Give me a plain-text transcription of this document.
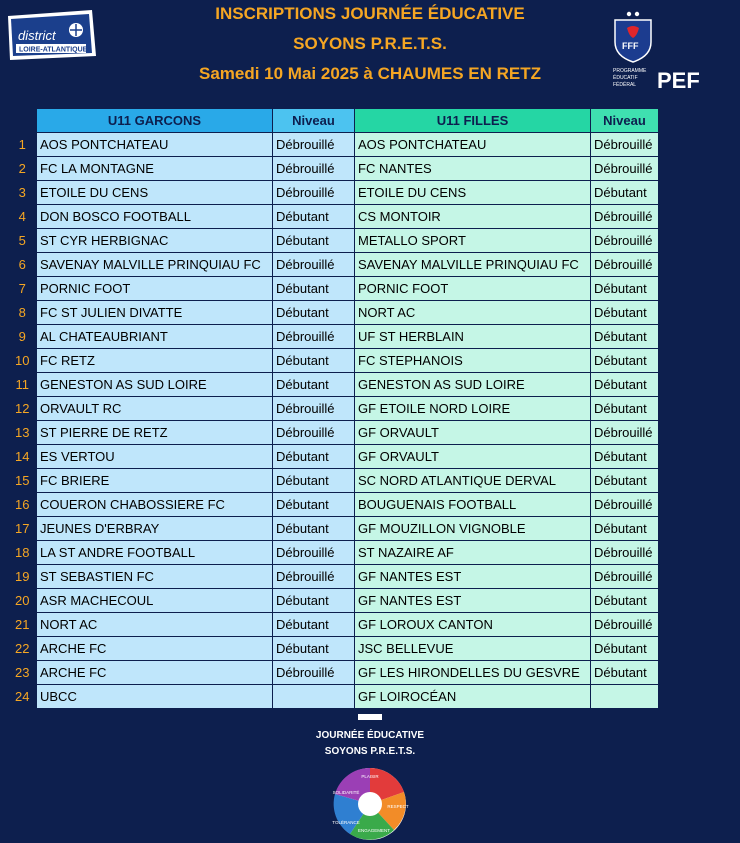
INSCRIPTIONS JOURNÉE ÉDUCATIVE
SOYONS P.R.E.T.S.
Samedi 10 Mai 2025 à CHAUMES EN RETZ
district
LOIRE-ATLANTIQUE	FFF
PROGRAMME
ÉDUCATIF
FÉDÉRAL PEF
	U11 GARCONS	Niveau	U11 FILLES	Niveau
1	AOS PONTCHATEAU	Débrouillé	AOS PONTCHATEAU	Débrouillé
2	FC LA MONTAGNE	Débrouillé	FC NANTES	Débrouillé
3	ETOILE DU CENS	Débrouillé	ETOILE DU CENS	Débutant
4	DON BOSCO FOOTBALL	Débutant	CS MONTOIR	Débrouillé
5	ST CYR HERBIGNAC	Débutant	METALLO SPORT	Débrouillé
6	SAVENAY MALVILLE PRINQUIAU FC	Débrouillé	SAVENAY MALVILLE PRINQUIAU FC	Débrouillé
7	PORNIC FOOT	Débutant	PORNIC FOOT	Débutant
8	FC ST JULIEN DIVATTE	Débutant	NORT AC	Débutant
9	AL CHATEAUBRIANT	Débrouillé	UF ST HERBLAIN	Débutant
10	FC RETZ	Débutant	FC STEPHANOIS	Débutant
11	GENESTON AS SUD LOIRE	Débutant	GENESTON AS SUD LOIRE	Débutant
12	ORVAULT RC	Débrouillé	GF ETOILE NORD LOIRE	Débutant
13	ST PIERRE DE RETZ	Débrouillé	GF ORVAULT	Débrouillé
14	ES VERTOU	Débutant	GF ORVAULT	Débutant
15	FC BRIERE	Débutant	SC NORD ATLANTIQUE DERVAL	Débutant
16	COUERON CHABOSSIERE FC	Débutant	BOUGUENAIS FOOTBALL	Débrouillé
17	JEUNES D'ERBRAY	Débutant	GF MOUZILLON VIGNOBLE	Débutant
18	LA ST ANDRE FOOTBALL	Débrouillé	ST NAZAIRE AF	Débrouillé
19	ST SEBASTIEN FC	Débrouillé	GF NANTES EST	Débrouillé
20	ASR MACHECOUL	Débutant	GF NANTES EST	Débutant
21	NORT AC	Débutant	GF LOROUX CANTON	Débrouillé
22	ARCHE FC	Débutant	JSC BELLEVUE	Débutant
23	ARCHE FC	Débrouillé	GF LES HIRONDELLES DU GESVRE	Débutant
24	UBCC		GF LOIROCÉAN	
JOURNÉE ÉDUCATIVE
SOYONS P.R.E.T.S.
PLAISIR
RESPECT
ENGAGEMENT
TOLÉRANCE
SOLIDARITÉ
